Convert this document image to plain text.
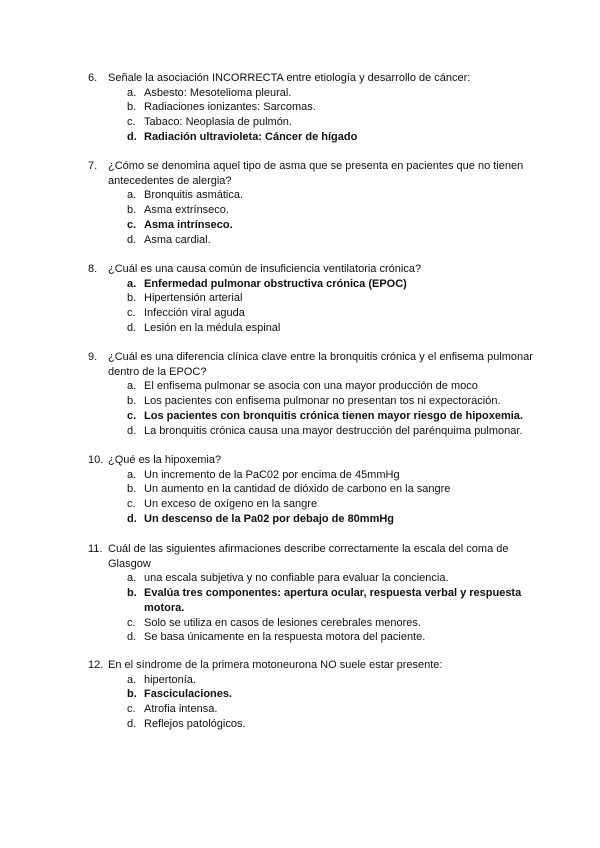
6. Señale la asociación INCORRECTA entre etiología y desarrollo de cáncer:
a. Asbesto: Mesotelioma pleural.
b. Radiaciones ionizantes: Sarcomas.
c. Tabaco: Neoplasia de pulmón.
d. Radiación ultravioleta: Cáncer de hígado
7. ¿Cómo se denomina aquel tipo de asma que se presenta en pacientes que no tienen antecedentes de alergia?
a. Bronquitis asmática.
b. Asma extrínseco.
c. Asma intrínseco.
d. Asma cardial.
8. ¿Cuál es una causa común de insuficiencia ventilatoria crónica?
a. Enfermedad pulmonar obstructiva crónica (EPOC)
b. Hipertensión arterial
c. Infección viral aguda
d. Lesión en la médula espinal
9. ¿Cuál es una diferencia clínica clave entre la bronquitis crónica y el enfisema pulmonar dentro de la EPOC?
a. El enfisema pulmonar se asocia con una mayor producción de moco
b. Los pacientes con enfisema pulmonar no presentan tos ni expectoración.
c. Los pacientes con bronquitis crónica tienen mayor riesgo de hipoxemia.
d. La bronquitis crónica causa una mayor destrucción del parénquima pulmonar.
10. ¿Qué es la hipoxemia?
a. Un incremento de la PaC02 por encima de 45mmHg
b. Un aumento en la cantidad de dióxido de carbono en la sangre
c. Un exceso de oxígeno en la sangre
d. Un descenso de la Pa02 por debajo de 80mmHg
11. Cuál de las siguientes afirmaciones describe correctamente la escala del coma de Glasgow
a. una escala subjetiva y no confiable para evaluar la conciencia.
b. Evalúa tres componentes: apertura ocular, respuesta verbal y respuesta motora.
c. Solo se utiliza en casos de lesiones cerebrales menores.
d. Se basa únicamente en la respuesta motora del paciente.
12. En el síndrome de la primera motoneurona NO suele estar presente:
a. hipertonía.
b. Fasciculaciones.
c. Atrofia intensa.
d. Reflejos patológicos.
